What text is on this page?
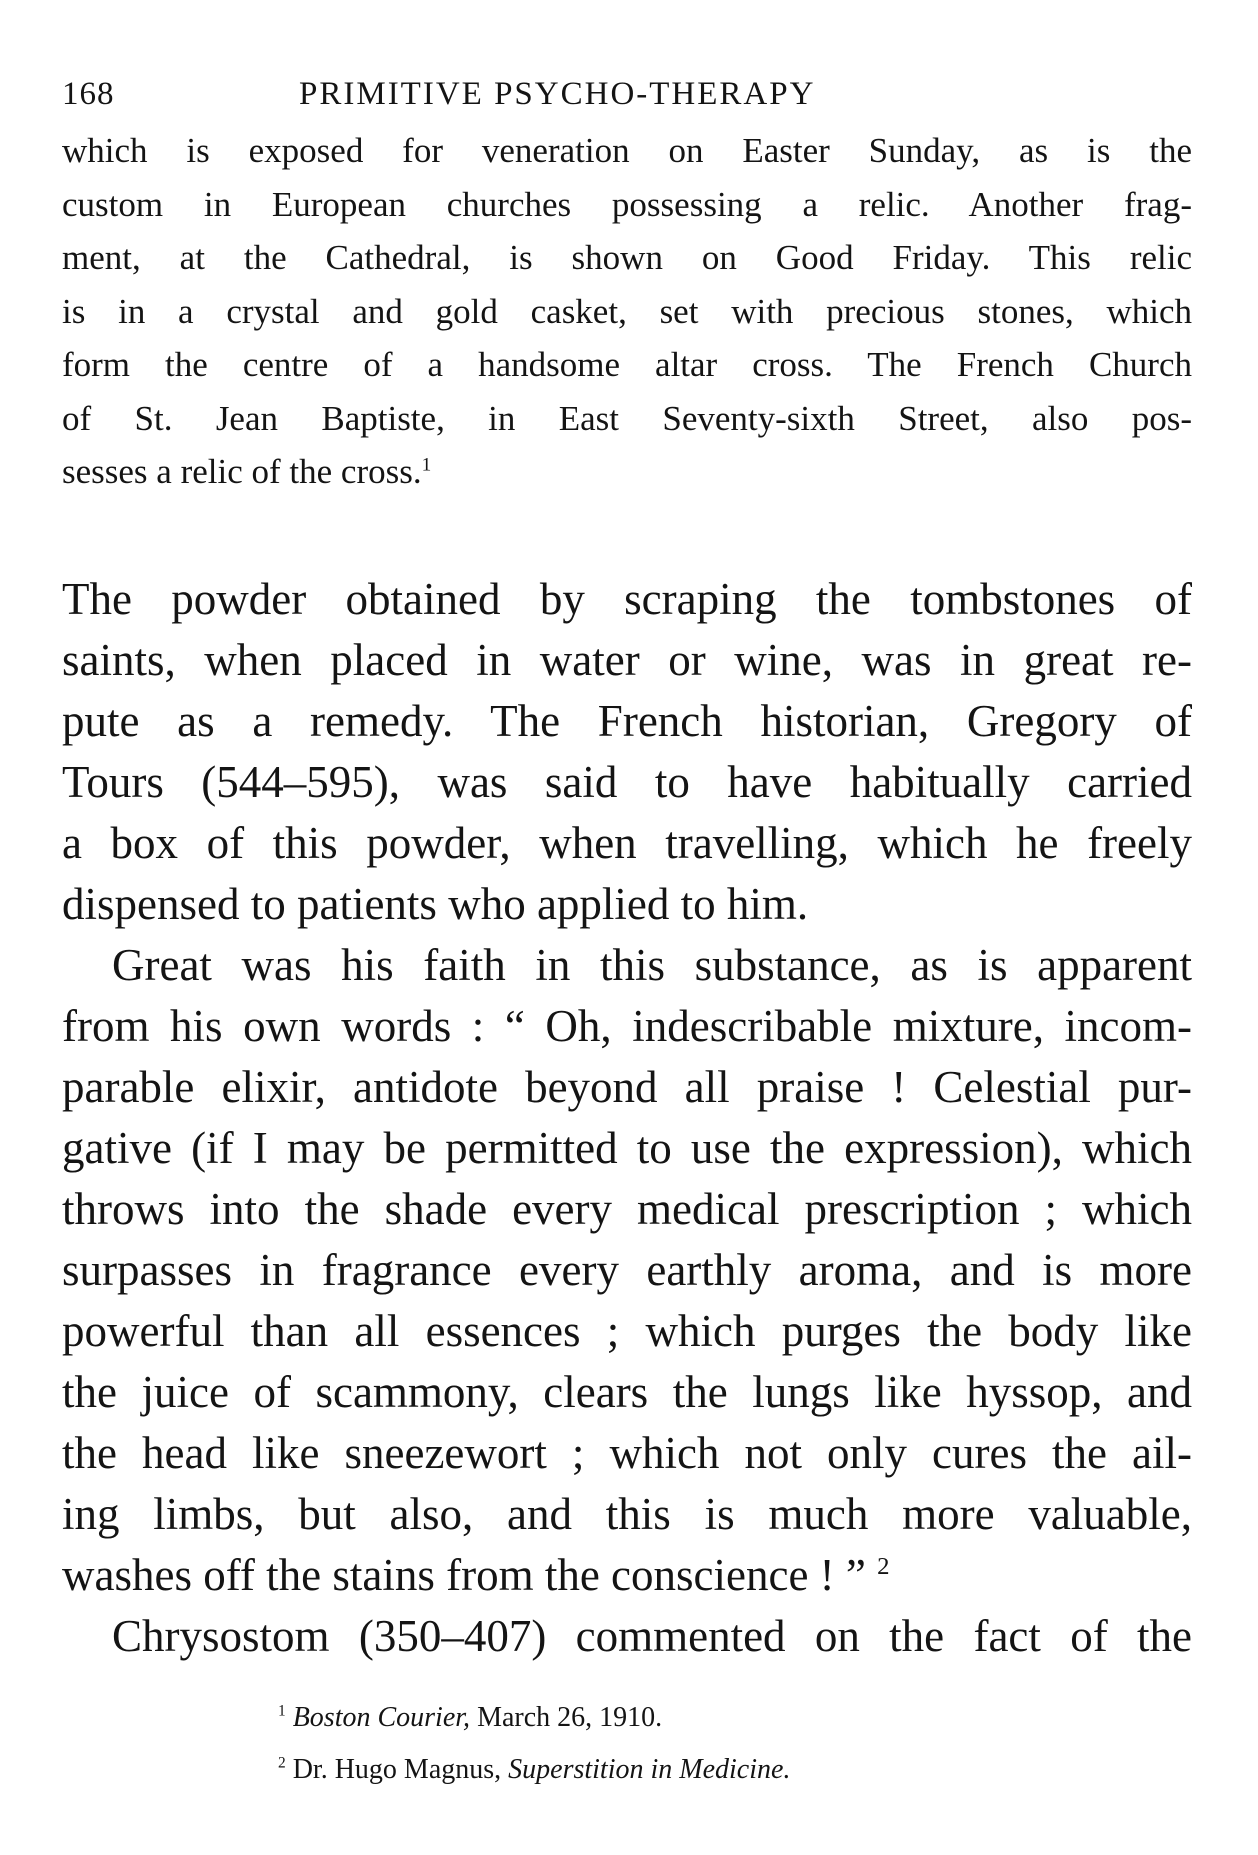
168	PRIMITIVE PSYCHO-THERAPY
which is exposed for veneration on Easter Sunday, as is the
custom in European churches possessing a relic. Another frag-
ment, at the Cathedral, is shown on Good Friday. This relic
is in a crystal and gold casket, set with precious stones, which
form the centre of a handsome altar cross. The French Church
of St. Jean Baptiste, in East Seventy-sixth Street, also pos-
sesses a relic of the cross.$^1$
The powder obtained by scraping the tombstones of
saints, when placed in water or wine, was in great re-
pute as a remedy. The French historian, Gregory of
Tours (544–595), was said to have habitually carried
a box of this powder, when travelling, which he freely
dispensed to patients who applied to him.
Great was his faith in this substance, as is apparent
from his own words : “ Oh, indescribable mixture, incom-
parable elixir, antidote beyond all praise ! Celestial pur-
gative (if I may be permitted to use the expression), which
throws into the shade every medical prescription ; which
surpasses in fragrance every earthly aroma, and is more
powerful than all essences ; which purges the body like
the juice of scammony, clears the lungs like hyssop, and
the head like sneezewort ; which not only cures the ail-
ing limbs, but also, and this is much more valuable,
washes off the stains from the conscience ! ” $^2$
Chrysostom (350–407) commented on the fact of the
$^1$ Boston Courier, March 26, 1910.
$^2$ Dr. Hugo Magnus, Superstition in Medicine.
